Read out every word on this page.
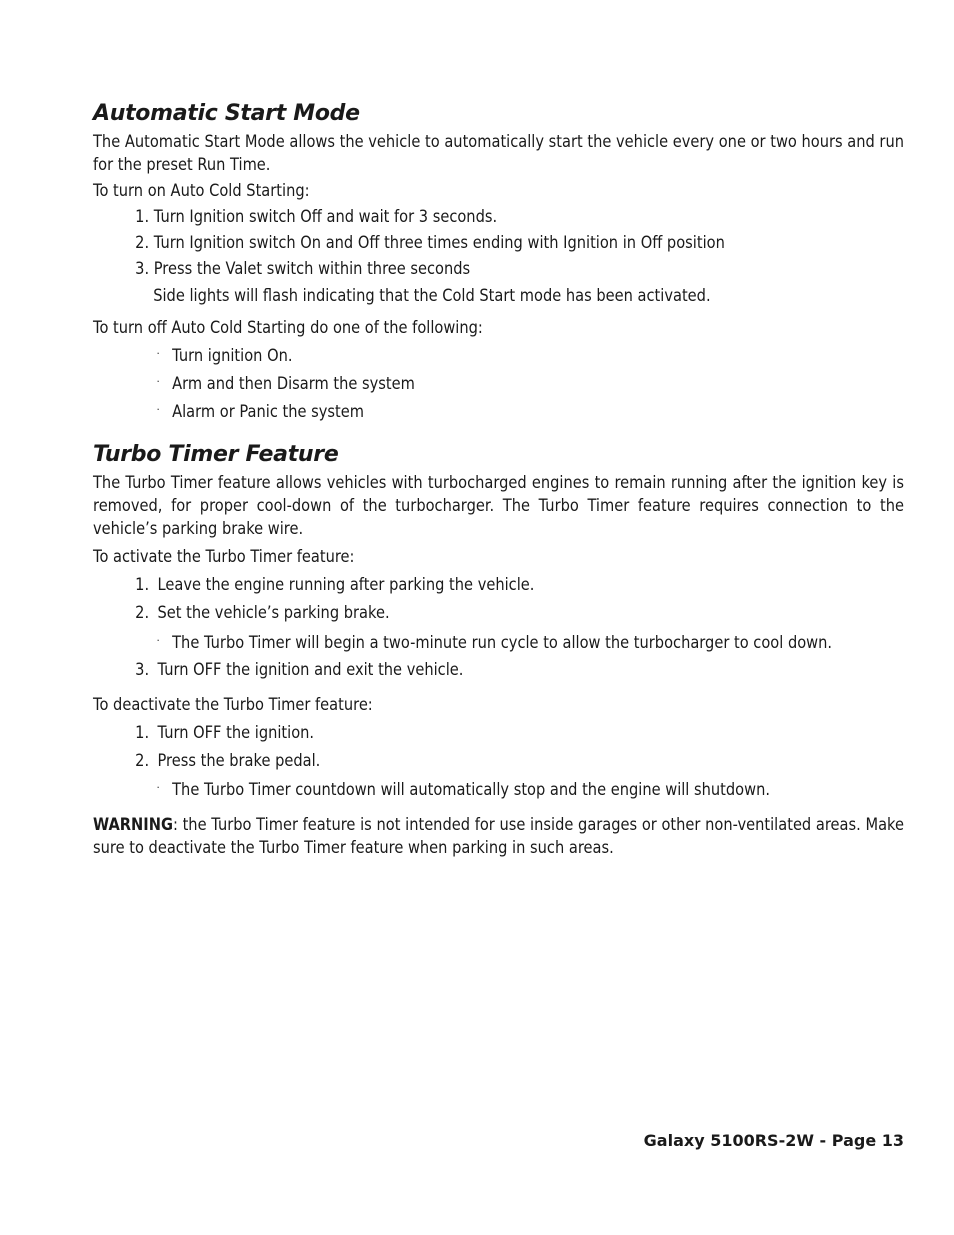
Automatic Start Mode

The Automatic Start Mode allows the vehicle to automatically start the vehicle every one or two hours and run for the preset Run Time.

To turn on Auto Cold Starting:
1. Turn Ignition switch Off and wait for 3 seconds.
2. Turn Ignition switch On and Off three times ending with Ignition in Off position
3. Press the Valet switch within three seconds
Side lights will flash indicating that the Cold Start mode has been activated.
To turn off Auto Cold Starting do one of the following:
· Turn ignition On.
· Arm and then Disarm the system
· Alarm or Panic the system
Turbo Timer Feature

The Turbo Timer feature allows vehicles with turbocharged engines to remain running after the ignition key is removed, for proper cool-down of the turbocharger. The Turbo Timer feature requires connection to the vehicle’s parking brake wire.

To activate the Turbo Timer feature:
1. Leave the engine running after parking the vehicle.
2. Set the vehicle’s parking brake.
· The Turbo Timer will begin a two-minute run cycle to allow the turbocharger to cool down.
3. Turn OFF the ignition and exit the vehicle.
To deactivate the Turbo Timer feature:
1. Turn OFF the ignition.
2. Press the brake pedal.
· The Turbo Timer countdown will automatically stop and the engine will shutdown.

WARNING: the Turbo Timer feature is not intended for use inside garages or other non-ventilated areas. Make sure to deactivate the Turbo Timer feature when parking in such areas.

Galaxy 5100RS-2W - Page 13
